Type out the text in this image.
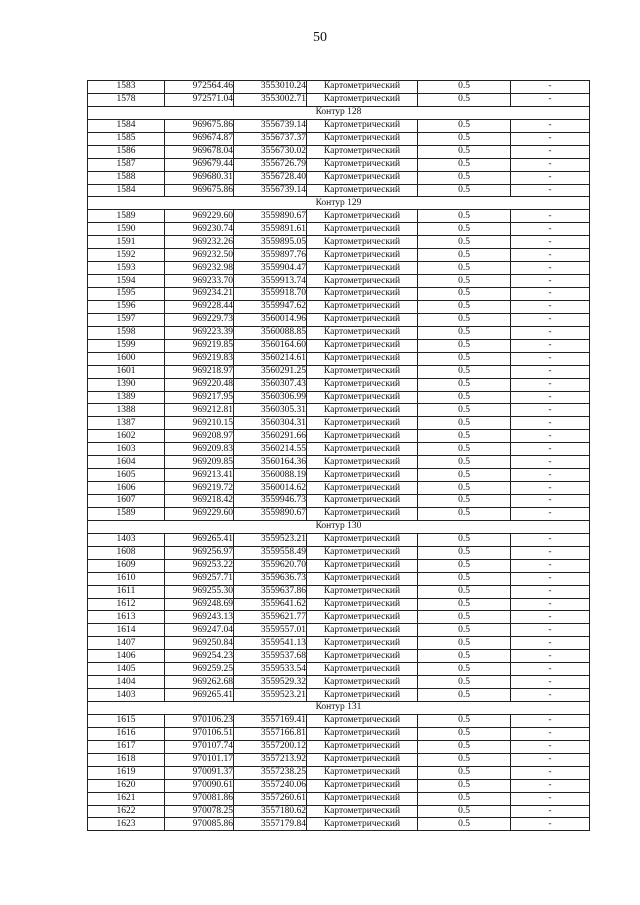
50
1583	972564.46	3553010.24	Картометрический	0.5	-
1578	972571.04	3553002.71	Картометрический	0.5	-
Контур 128					
1584	969675.86	3556739.14	Картометрический	0.5	-
1585	969674.87	3556737.37	Картометрический	0.5	-
1586	969678.04	3556730.02	Картометрический	0.5	-
1587	969679.44	3556726.79	Картометрический	0.5	-
1588	969680.31	3556728.40	Картометрический	0.5	-
1584	969675.86	3556739.14	Картометрический	0.5	-
Контур 129					
1589	969229.60	3559890.67	Картометрический	0.5	-
1590	969230.74	3559891.61	Картометрический	0.5	-
1591	969232.26	3559895.05	Картометрический	0.5	-
1592	969232.50	3559897.76	Картометрический	0.5	-
1593	969232.98	3559904.47	Картометрический	0.5	-
1594	969233.70	3559913.74	Картометрический	0.5	-
1595	969234.21	3559918.70	Картометрический	0.5	-
1596	969228.44	3559947.62	Картометрический	0.5	-
1597	969229.73	3560014.96	Картометрический	0.5	-
1598	969223.39	3560088.85	Картометрический	0.5	-
1599	969219.85	3560164.60	Картометрический	0.5	-
1600	969219.83	3560214.61	Картометрический	0.5	-
1601	969218.97	3560291.25	Картометрический	0.5	-
1390	969220.48	3560307.43	Картометрический	0.5	-
1389	969217.95	3560306.99	Картометрический	0.5	-
1388	969212.81	3560305.31	Картометрический	0.5	-
1387	969210.15	3560304.31	Картометрический	0.5	-
1602	969208.97	3560291.66	Картометрический	0.5	-
1603	969209.83	3560214.55	Картометрический	0.5	-
1604	969209.85	3560164.36	Картометрический	0.5	-
1605	969213.41	3560088.19	Картометрический	0.5	-
1606	969219.72	3560014.62	Картометрический	0.5	-
1607	969218.42	3559946.73	Картометрический	0.5	-
1589	969229.60	3559890.67	Картометрический	0.5	-
Контур 130					
1403	969265.41	3559523.21	Картометрический	0.5	-
1608	969256.97	3559558.49	Картометрический	0.5	-
1609	969253.22	3559620.70	Картометрический	0.5	-
1610	969257.71	3559636.73	Картометрический	0.5	-
1611	969255.30	3559637.86	Картометрический	0.5	-
1612	969248.69	3559641.62	Картометрический	0.5	-
1613	969243.13	3559621.77	Картометрический	0.5	-
1614	969247.04	3559557.01	Картометрический	0.5	-
1407	969250.84	3559541.13	Картометрический	0.5	-
1406	969254.23	3559537.68	Картометрический	0.5	-
1405	969259.25	3559533.54	Картометрический	0.5	-
1404	969262.68	3559529.32	Картометрический	0.5	-
1403	969265.41	3559523.21	Картометрический	0.5	-
Контур 131					
1615	970106.23	3557169.41	Картометрический	0.5	-
1616	970106.51	3557166.81	Картометрический	0.5	-
1617	970107.74	3557200.12	Картометрический	0.5	-
1618	970101.17	3557213.92	Картометрический	0.5	-
1619	970091.37	3557238.25	Картометрический	0.5	-
1620	970090.61	3557240.06	Картометрический	0.5	-
1621	970081.86	3557260.61	Картометрический	0.5	-
1622	970078.25	3557180.62	Картометрический	0.5	-
1623	970085.86	3557179.84	Картометрический	0.5	-
